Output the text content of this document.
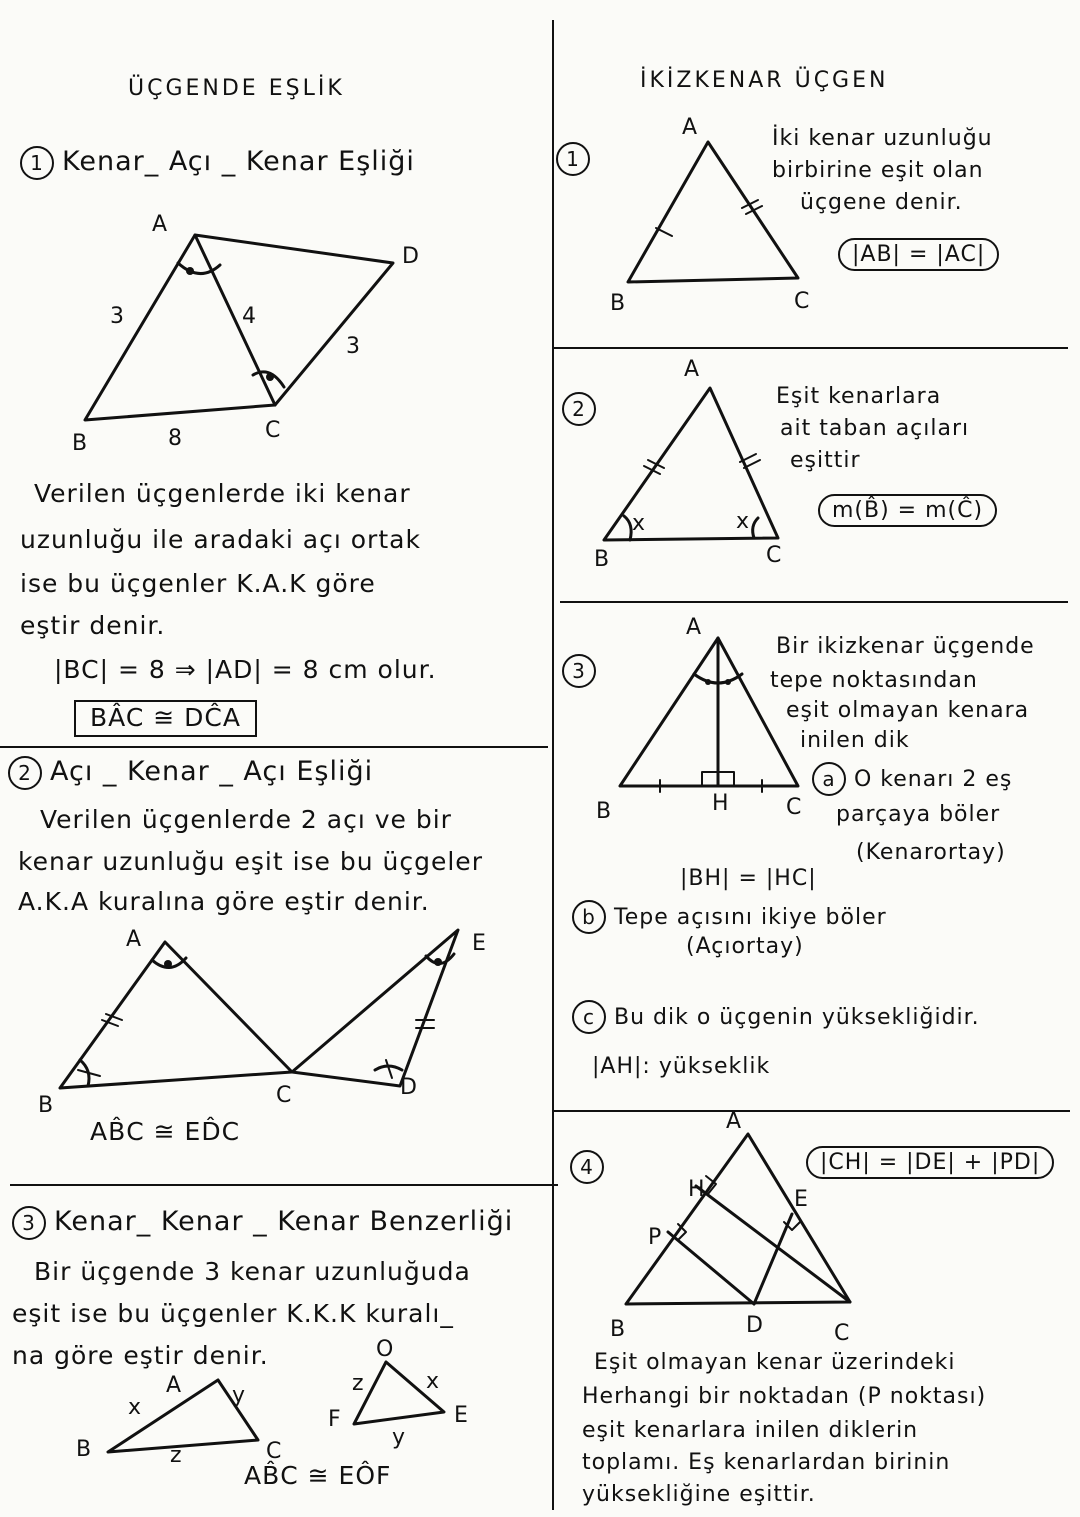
ÜÇGENDE EŞLİK
1 Kenar_ Açı _ Kenar Eşliği
A
B
C
D
3	4
3
8
Verilen üçgenlerde iki kenar
uzunluğu ile aradaki açı ortak
ise bu üçgenler K.A.K göre
eştir denir.
|BC| = 8 ⇒ |AD| = 8 cm olur.
BÂC ≅ DĈA
2 Açı _ Kenar _ Açı Eşliği
Verilen üçgenlerde 2 açı ve bir
kenar uzunluğu eşit ise bu üçgeler
A.K.A kuralına göre eştir denir.
A
B	C	D
E
AB̂C ≅ ED̂C
3 Kenar_ Kenar _ Kenar Benzerliği
Bir üçgende 3 kenar uzunluğuda
eşit ise bu üçgenler K.K.K kuralı_
na göre eştir denir.
A
B	C
O
E
F
x	y
z
z	x
y
AB̂C ≅ EÔF
İKİZKENAR ÜÇGEN
1
A
B	C
İki kenar uzunluğu
birbirine eşit olan
üçgene denir.
|AB| = |AC|
2
x	x
A
B	C
Eşit kenarlara
ait taban açıları
eşittir
m(B̂) = m(Ĉ)
3
A
B	C
H
Bir ikizkenar üçgende
tepe noktasından
eşit olmayan kenara
inilen dik
a O kenarı 2 eş
parçaya böler
(Kenarortay)
|BH| = |HC|
b Tepe açısını ikiye böler
(Açıortay)
c Bu dik o üçgenin yüksekliğidir.
|AH|: yükseklik
4
A
B	C
D
E
H
P
|CH| = |DE| + |PD|
Eşit olmayan kenar üzerindeki
Herhangi bir noktadan (P noktası)
eşit kenarlara inilen diklerin
toplamı. Eş kenarlardan birinin
yüksekliğine eşittir.
